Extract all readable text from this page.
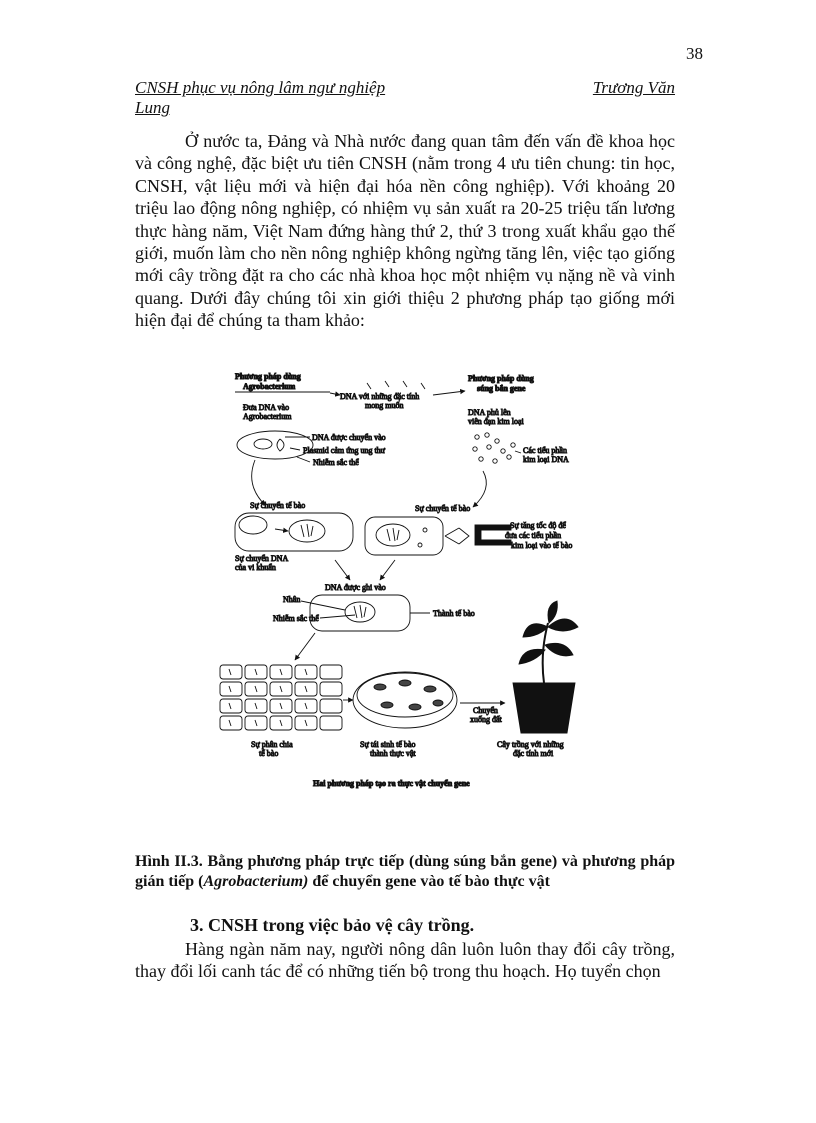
38
CNSH phục vụ nông lâm ngư nghiệp	Trương Văn
Lung
Ở nước ta, Đảng và Nhà nước đang quan tâm đến vấn đề khoa học và công nghệ, đặc biệt ưu tiên CNSH (nằm trong 4 ưu tiên chung: tin học, CNSH, vật liệu mới và hiện đại hóa nền công nghiệp). Với khoảng 20 triệu lao động nông nghiệp, có nhiệm vụ sản xuất ra 20-25 triệu tấn lương thực hàng năm, Việt Nam đứng hàng thứ 2, thứ 3 trong xuất khẩu gạo thế giới, muốn làm cho nền nông nghiệp không ngừng tăng lên, việc tạo giống mới cây trồng đặt ra cho các nhà khoa học một nhiệm vụ nặng nề và vinh quang. Dưới đây chúng tôi xin giới thiệu 2 phương pháp tạo giống mới hiện đại để chúng ta tham khảo:
Phương pháp dùng
Agrobacterium
Phương pháp dùng
súng bắn gene
DNA với những đặc tính
mong muốn
Đưa DNA vào
Agrobacterium	DNA phủ lên
viên đạn kim loại
DNA được chuyển vào
Plasmid cảm ứng ung thư
Nhiễm sắc thể
Các tiểu phần
kim loại DNA
Sự chuyển tế bào	Sự chuyển tế bào
Sự tăng tốc độ để
đưa các tiểu phần
kim loại vào tế bào
Sự chuyển DNA
của vi khuẩn
DNA được ghi vào
Nhân
Nhiễm sắc thể
Thành tế bào
Chuyển
xuống đất
Sự phân chia
tế bào
Sự tái sinh tế bào
thành thực vật
Cây trồng với những
đặc tính mới
Hai phương pháp tạo ra thực vật chuyển gene
Hình II.3. Bằng phương pháp trực tiếp (dùng súng bắn gene) và phương pháp gián tiếp (Agrobacterium) để chuyển gene vào tế bào thực vật
3. CNSH trong việc bảo vệ cây trồng.
Hàng ngàn năm nay, người nông dân luôn luôn thay đổi cây trồng, thay đổi lối canh tác để có những tiến bộ trong thu hoạch. Họ tuyển chọn
